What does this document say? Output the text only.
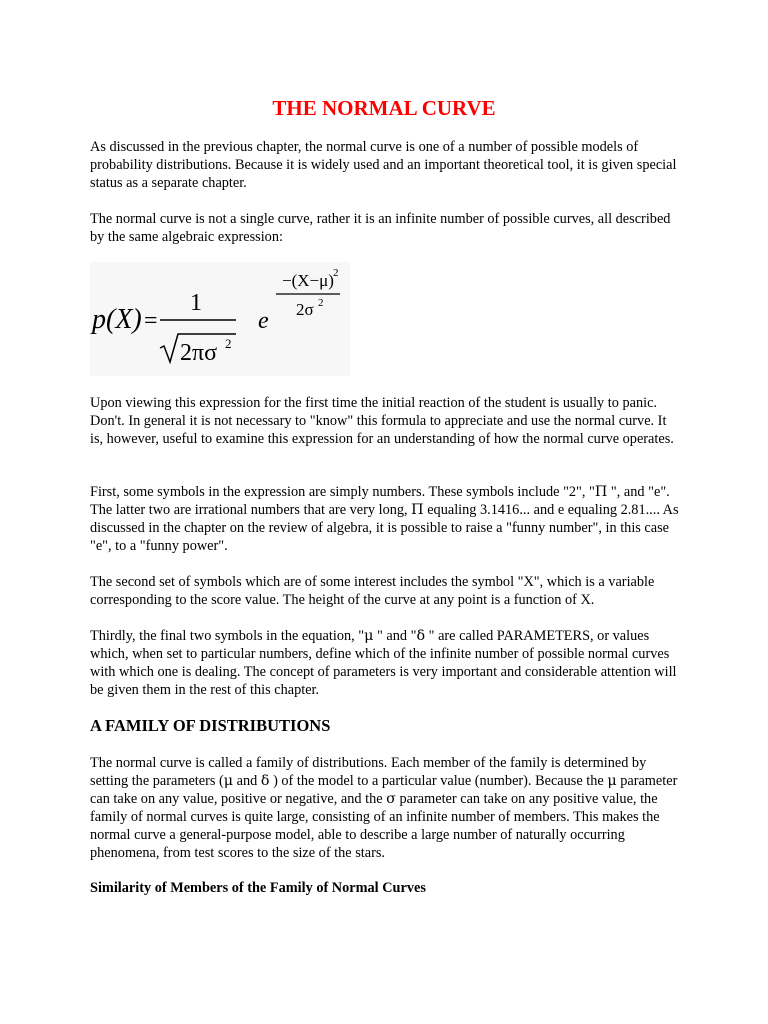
THE NORMAL CURVE

As discussed in the previous chapter, the normal curve is one of a number of possible models of probability distributions. Because it is widely used and an important theoretical tool, it is given special status as a separate chapter.

The normal curve is not a single curve, rather it is an infinite number of possible curves, all described by the same algebraic expression:

p(X) =
1
2πσ 2
e
−(X−μ) 2
2σ 2

Upon viewing this expression for the first time the initial reaction of the student is usually to panic. Don't. In general it is not necessary to "know" this formula to appreciate and use the normal curve. It is, however, useful to examine this expression for an understanding of how the normal curve operates.

First, some symbols in the expression are simply numbers. These symbols include "2", "Π ", and "e". The latter two are irrational numbers that are very long, Π equaling 3.1416... and e equaling 2.81.... As discussed in the chapter on the review of algebra, it is possible to raise a "funny number", in this case "e", to a "funny power".

The second set of symbols which are of some interest includes the symbol "X", which is a variable corresponding to the score value. The height of the curve at any point is a function of X.

Thirdly, the final two symbols in the equation, "μ " and "δ " are called PARAMETERS, or values which, when set to particular numbers, define which of the infinite number of possible normal curves with which one is dealing. The concept of parameters is very important and considerable attention will be given them in the rest of this chapter.

A FAMILY OF DISTRIBUTIONS

The normal curve is called a family of distributions. Each member of the family is determined by setting the parameters (μ and δ ) of the model to a particular value (number). Because the μ parameter can take on any value, positive or negative, and the σ parameter can take on any positive value, the family of normal curves is quite large, consisting of an infinite number of members. This makes the normal curve a general-purpose model, able to describe a large number of naturally occurring phenomena, from test scores to the size of the stars.

Similarity of Members of the Family of Normal Curves
